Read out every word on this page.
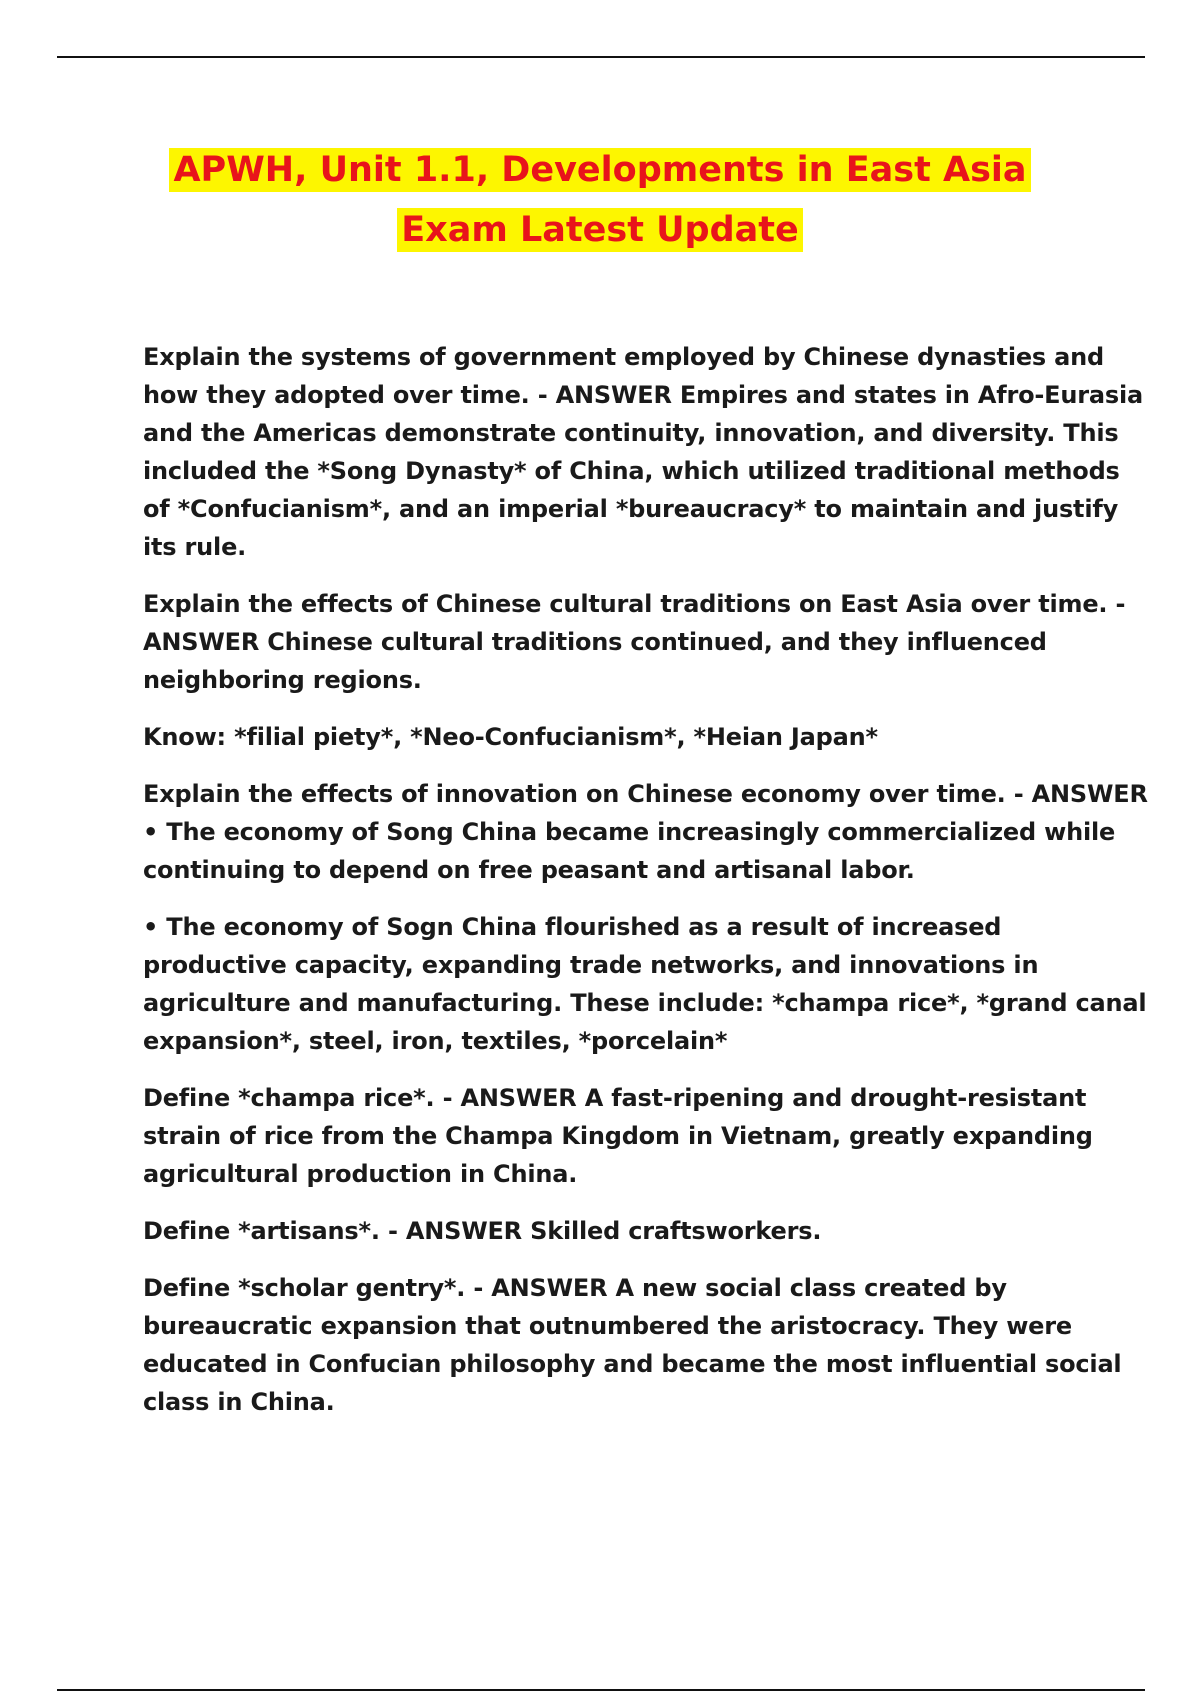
APWH, Unit 1.1, Developments in East Asia
Exam Latest Update

Explain the systems of government employed by Chinese dynasties and how they adopted over time. - ANSWER Empires and states in Afro-Eurasia and the Americas demonstrate continuity, innovation, and diversity. This included the *Song Dynasty* of China, which utilized traditional methods of *Confucianism*, and an imperial *bureaucracy* to maintain and justify its rule.

Explain the effects of Chinese cultural traditions on East Asia over time. - ANSWER Chinese cultural traditions continued, and they influenced neighboring regions.

Know: *filial piety*, *Neo-Confucianism*, *Heian Japan*

Explain the effects of innovation on Chinese economy over time. - ANSWER • The economy of Song China became increasingly commercialized while continuing to depend on free peasant and artisanal labor.

• The economy of Sogn China flourished as a result of increased productive capacity, expanding trade networks, and innovations in agriculture and manufacturing. These include: *champa rice*, *grand canal expansion*, steel, iron, textiles, *porcelain*

Define *champa rice*. - ANSWER A fast-ripening and drought-resistant strain of rice from the Champa Kingdom in Vietnam, greatly expanding agricultural production in China.

Define *artisans*. - ANSWER Skilled craftsworkers.

Define *scholar gentry*. - ANSWER A new social class created by bureaucratic expansion that outnumbered the aristocracy. They were educated in Confucian philosophy and became the most influential social class in China.
